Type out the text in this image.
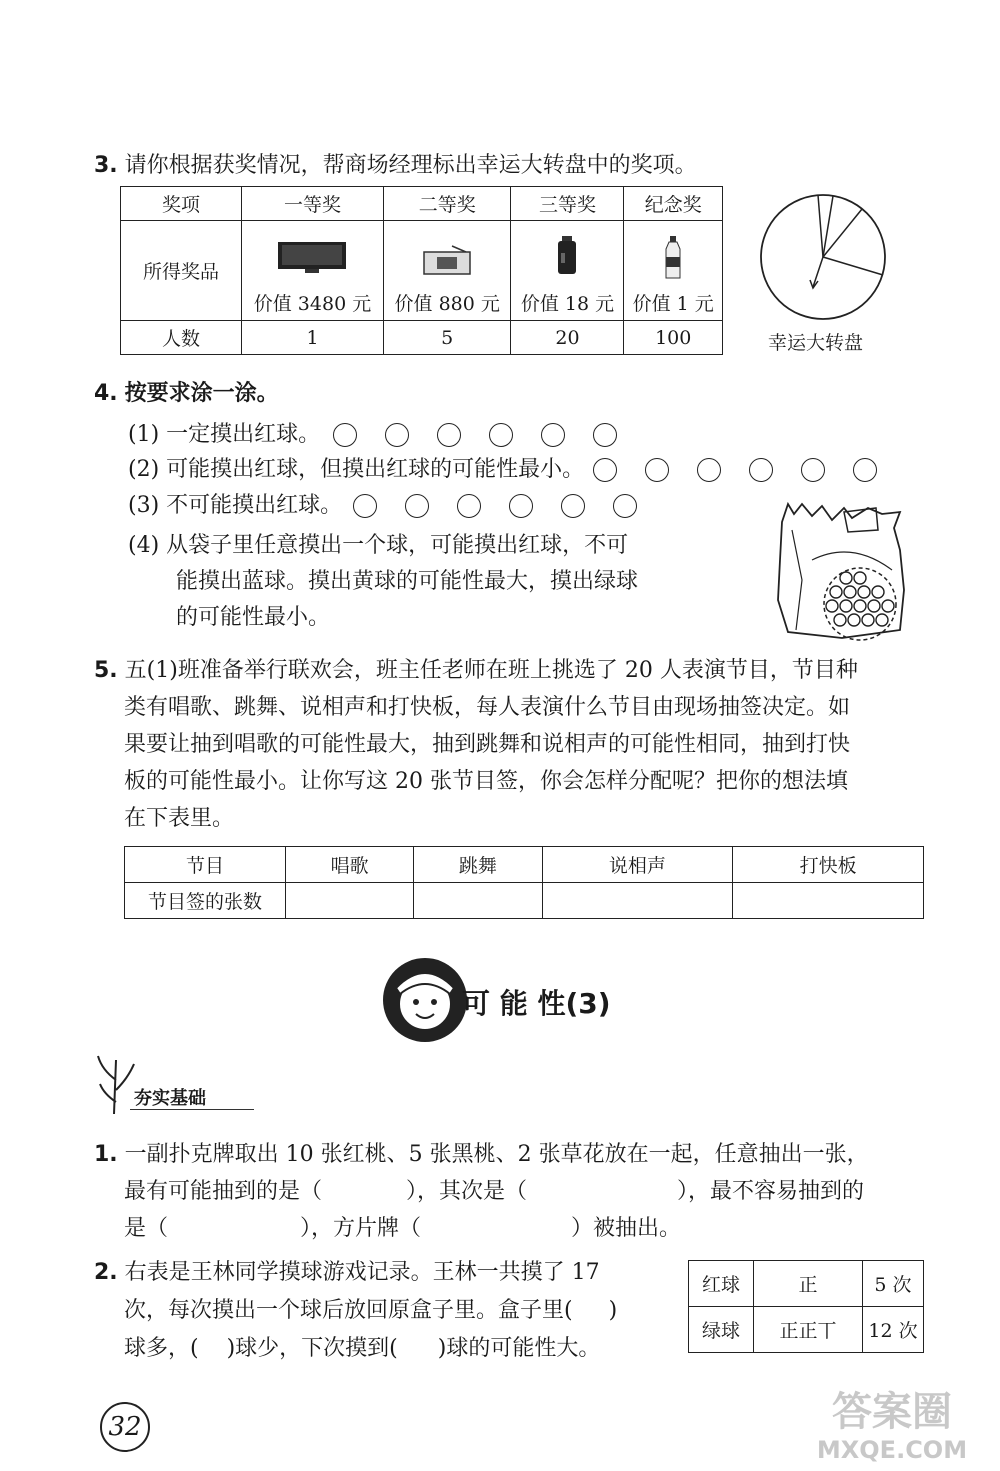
3. 请你根据获奖情况，帮商场经理标出幸运大转盘中的奖项。
奖项	一等奖	二等奖	三等奖	纪念奖
所得奖品	价值 3480 元	价值 880 元	价值 18 元	价值 1 元

人数	1	5	20	100	幸运大转盘
4. 按要求涂一涂。
(1) 一定摸出红球。
(2) 可能摸出红球，但摸出红球的可能性最小。
(3) 不可能摸出红球。
(4) 从袋子里任意摸出一个球，可能摸出红球，不可
能摸出蓝球。摸出黄球的可能性最大，摸出绿球
的可能性最小。
5. 五(1)班准备举行联欢会，班主任老师在班上挑选了 20 人表演节目，节目种
类有唱歌、跳舞、说相声和打快板，每人表演什么节目由现场抽签决定。如
果要让抽到唱歌的可能性最大，抽到跳舞和说相声的可能性相同，抽到打快
板的可能性最小。让你写这 20 张节目签，你会怎样分配呢？把你的想法填
在下表里。
节目	唱歌	跳舞	说相声	打快板
节目签的张数				
可 能 性(3)
夯实基础
1. 一副扑克牌取出 10 张红桃、5 张黑桃、2 张草花放在一起，任意抽出一张，
最有可能抽到的是（	），其次是（	），最不容易抽到的
是（	），方片牌（	）被抽出。
2. 右表是王林同学摸球游戏记录。王林一共摸了 17
次，每次摸出一个球后放回原盒子里。盒子里( )
球多，( )球少，下次摸到( )球的可能性大。
红球	正	5 次
绿球	正正丅	12 次
32	答案圈
MXQE.COM
